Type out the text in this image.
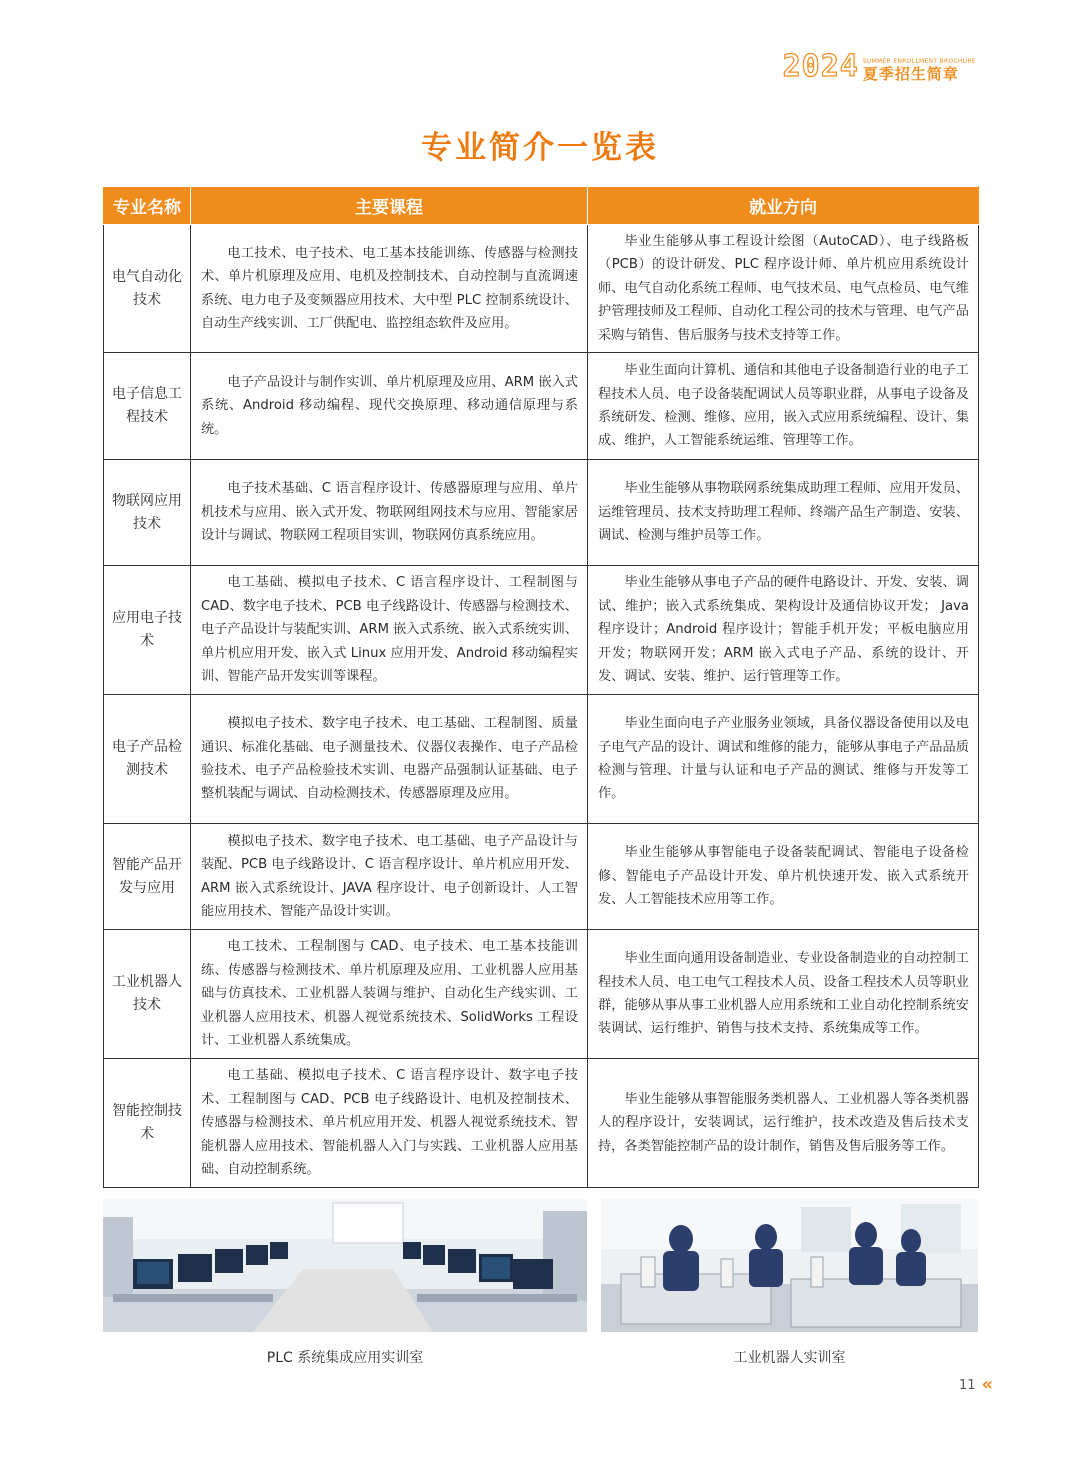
2024 SUMMER ENROLLMENT BROCHURE
夏季招生简章
专业简介一览表
专业名称	主要课程	就业方向
电气自动化技术	电工技术、电子技术、电工基本技能训练、传感器与检测技术、单片机原理及应用、电机及控制技术、自动控制与直流调速系统、电力电子及变频器应用技术、大中型 PLC 控制系统设计、自动生产线实训、工厂供配电、监控组态软件及应用。	毕业生能够从事工程设计绘图（AutoCAD）、电子线路板（PCB）的设计研发、PLC 程序设计师、单片机应用系统设计师、电气自动化系统工程师、电气技术员、电气点检员、电气维护管理技师及工程师、自动化工程公司的技术与管理、电气产品采购与销售、售后服务与技术支持等工作。
电子信息工程技术	电子产品设计与制作实训、单片机原理及应用、ARM 嵌入式系统、Android 移动编程、现代交换原理、移动通信原理与系统。	毕业生面向计算机、通信和其他电子设备制造行业的电子工程技术人员、电子设备装配调试人员等职业群，从事电子设备及系统研发、检测、维修、应用，嵌入式应用系统编程、设计、集成、维护，人工智能系统运维、管理等工作。
物联网应用技术	电子技术基础、C 语言程序设计、传感器原理与应用、单片机技术与应用、嵌入式开发、物联网组网技术与应用、智能家居设计与调试、物联网工程项目实训，物联网仿真系统应用。	毕业生能够从事物联网系统集成助理工程师、应用开发员、运维管理员、技术支持助理工程师、终端产品生产制造、安装、调试、检测与维护员等工作。
应用电子技术	电工基础、模拟电子技术、C 语言程序设计、工程制图与 CAD、数字电子技术、PCB 电子线路设计、传感器与检测技术、电子产品设计与装配实训、ARM 嵌入式系统、嵌入式系统实训、单片机应用开发、嵌入式 Linux 应用开发、Android 移动编程实训、智能产品开发实训等课程。	毕业生能够从事电子产品的硬件电路设计、开发、安装、调试、维护；嵌入式系统集成、架构设计及通信协议开发； Java 程序设计；Android 程序设计；智能手机开发；平板电脑应用开发；物联网开发；ARM 嵌入式电子产品、系统的设计、开发、调试、安装、维护、运行管理等工作。
电子产品检测技术	模拟电子技术、数字电子技术、电工基础、工程制图、质量通识、标准化基础、电子测量技术、仪器仪表操作、电子产品检验技术、电子产品检验技术实训、电器产品强制认证基础、电子整机装配与调试、自动检测技术、传感器原理及应用。	毕业生面向电子产业服务业领域，具备仪器设备使用以及电子电气产品的设计、调试和维修的能力，能够从事电子产品品质检测与管理、计量与认证和电子产品的测试、维修与开发等工作。
智能产品开发与应用	模拟电子技术、数字电子技术、电工基础、电子产品设计与装配、PCB 电子线路设计、C 语言程序设计、单片机应用开发、ARM 嵌入式系统设计、JAVA 程序设计、电子创新设计、人工智能应用技术、智能产品设计实训。	毕业生能够从事智能电子设备装配调试、智能电子设备检修、智能电子产品设计开发、单片机快速开发、嵌入式系统开发、人工智能技术应用等工作。
工业机器人技术	电工技术、工程制图与 CAD、电子技术、电工基本技能训练、传感器与检测技术、单片机原理及应用、工业机器人应用基础与仿真技术、工业机器人装调与维护、自动化生产线实训、工业机器人应用技术、机器人视觉系统技术、SolidWorks 工程设计、工业机器人系统集成。	毕业生面向通用设备制造业、专业设备制造业的自动控制工程技术人员、电工电气工程技术人员、设备工程技术人员等职业群，能够从事从事工业机器人应用系统和工业自动化控制系统安装调试、运行维护、销售与技术支持、系统集成等工作。
智能控制技术	电工基础、模拟电子技术、C 语言程序设计、数字电子技术、工程制图与 CAD、PCB 电子线路设计、电机及控制技术、传感器与检测技术、单片机应用开发、机器人视觉系统技术、智能机器人应用技术、智能机器人入门与实践、工业机器人应用基础、自动控制系统。	毕业生能够从事智能服务类机器人、工业机器人等各类机器人的程序设计，安装调试，运行维护，技术改造及售后技术支持，各类智能控制产品的设计制作，销售及售后服务等工作。
PLC 系统集成应用实训室	工业机器人实训室
11 «
